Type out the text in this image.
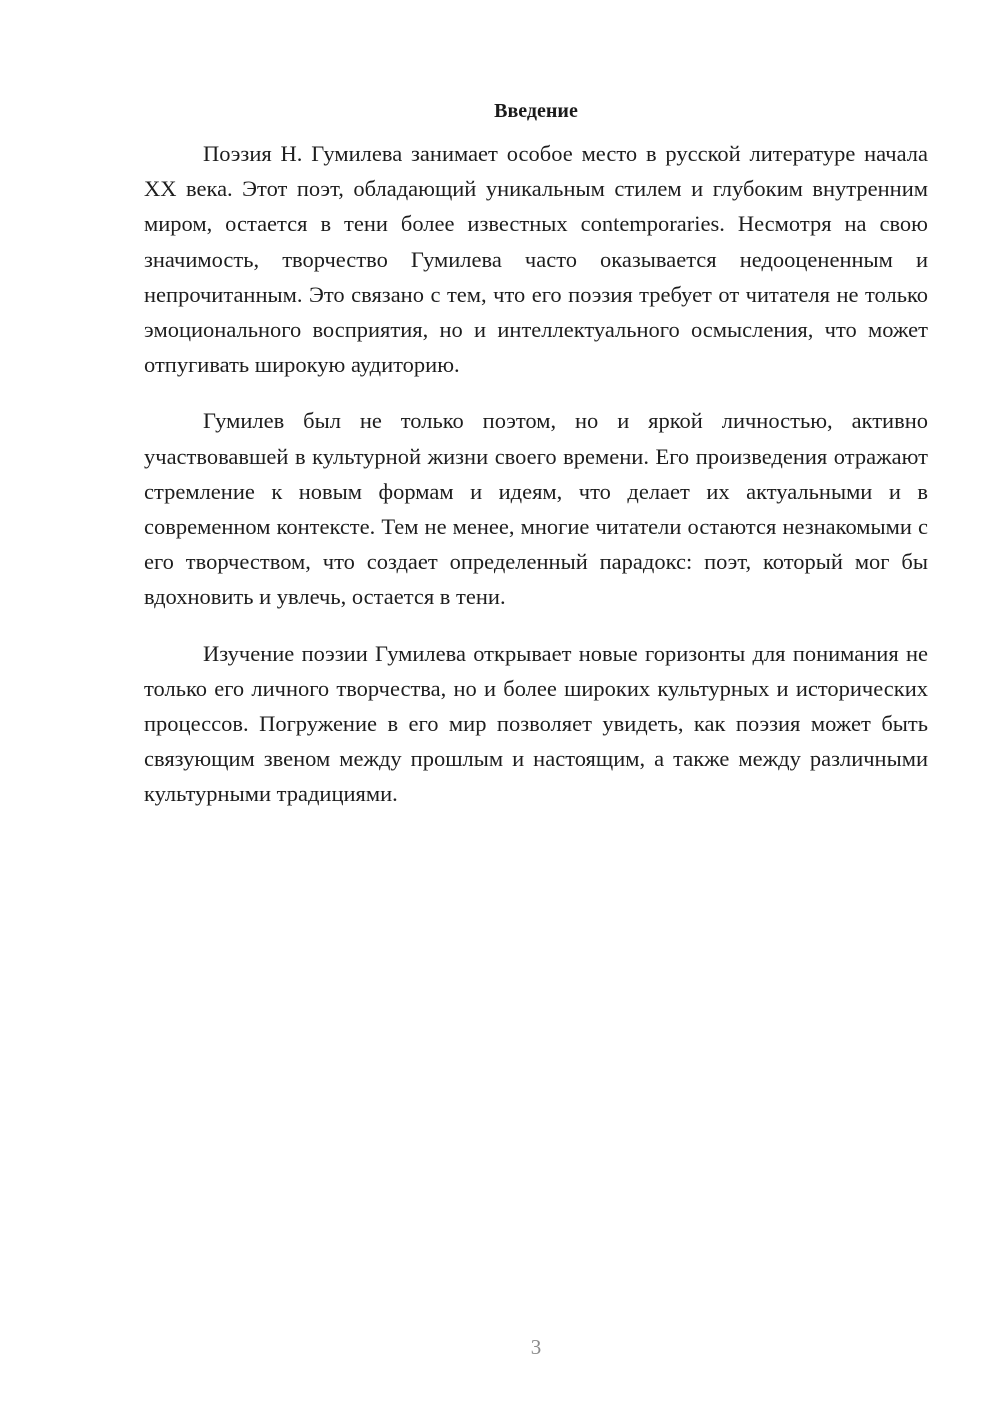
Введение

Поэзия Н. Гумилева занимает особое место в русской литературе начала XX века. Этот поэт, обладающий уникальным стилем и глубоким внутренним миром, остается в тени более известных contemporaries. Несмотря на свою значимость, творчество Гумилева часто оказывается недооцененным и непрочитанным. Это связано с тем, что его поэзия требует от читателя не только эмоционального восприятия, но и интеллектуального осмысления, что может отпугивать широкую аудиторию.

Гумилев был не только поэтом, но и яркой личностью, активно участвовавшей в культурной жизни своего времени. Его произведения отражают стремление к новым формам и идеям, что делает их актуальными и в современном контексте. Тем не менее, многие читатели остаются незнакомыми с его творчеством, что создает определенный парадокс: поэт, который мог бы вдохновить и увлечь, остается в тени.

Изучение поэзии Гумилева открывает новые горизонты для понимания не только его личного творчества, но и более широких культурных и исторических процессов. Погружение в его мир позволяет увидеть, как поэзия может быть связующим звеном между прошлым и настоящим, а также между различными культурными традициями.

3
